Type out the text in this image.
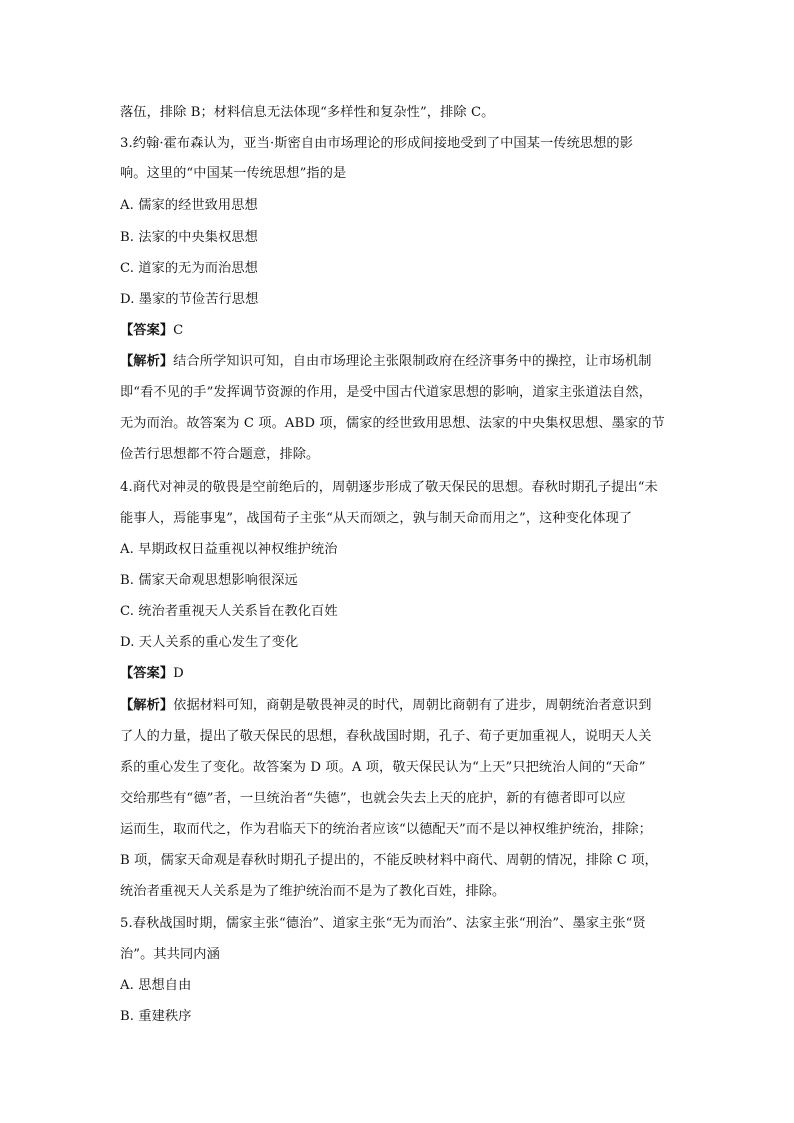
落伍，排除 B；材料信息无法体现“多样性和复杂性”，排除 C。
3.约翰·霍布森认为，亚当·斯密自由市场理论的形成间接地受到了中国某一传统思想的影
响。这里的“中国某一传统思想”指的是
A. 儒家的经世致用思想
B. 法家的中央集权思想
C. 道家的无为而治思想
D. 墨家的节俭苦行思想
【答案】C
【解析】结合所学知识可知，自由市场理论主张限制政府在经济事务中的操控，让市场机制
即“看不见的手”发挥调节资源的作用，是受中国古代道家思想的影响，道家主张道法自然，
无为而治。故答案为 C 项。ABD 项，儒家的经世致用思想、法家的中央集权思想、墨家的节
俭苦行思想都不符合题意，排除。
4.商代对神灵的敬畏是空前绝后的，周朝逐步形成了敬天保民的思想。春秋时期孔子提出“未
能事人，焉能事鬼”，战国荀子主张“从天而颂之，孰与制天命而用之”，这种变化体现了
A. 早期政权日益重视以神权维护统治
B. 儒家天命观思想影响很深远
C. 统治者重视天人关系旨在教化百姓
D. 天人关系的重心发生了变化
【答案】D
【解析】依据材料可知，商朝是敬畏神灵的时代，周朝比商朝有了进步，周朝统治者意识到
了人的力量，提出了敬天保民的思想，春秋战国时期，孔子、荀子更加重视人，说明天人关
系的重心发生了变化。故答案为 D 项。A 项，敬天保民认为“上天”只把统治人间的“天命”
交给那些有“德”者，一旦统治者“失德”，也就会失去上天的庇护，新的有德者即可以应
运而生，取而代之，作为君临天下的统治者应该“以德配天”而不是以神权维护统治，排除；
B 项，儒家天命观是春秋时期孔子提出的，不能反映材料中商代、周朝的情况，排除 C 项，
统治者重视天人关系是为了维护统治而不是为了教化百姓，排除。
5.春秋战国时期，儒家主张“德治”、道家主张“无为而治”、法家主张“刑治”、墨家主张“贤
治”。其共同内涵
A. 思想自由
B. 重建秩序
